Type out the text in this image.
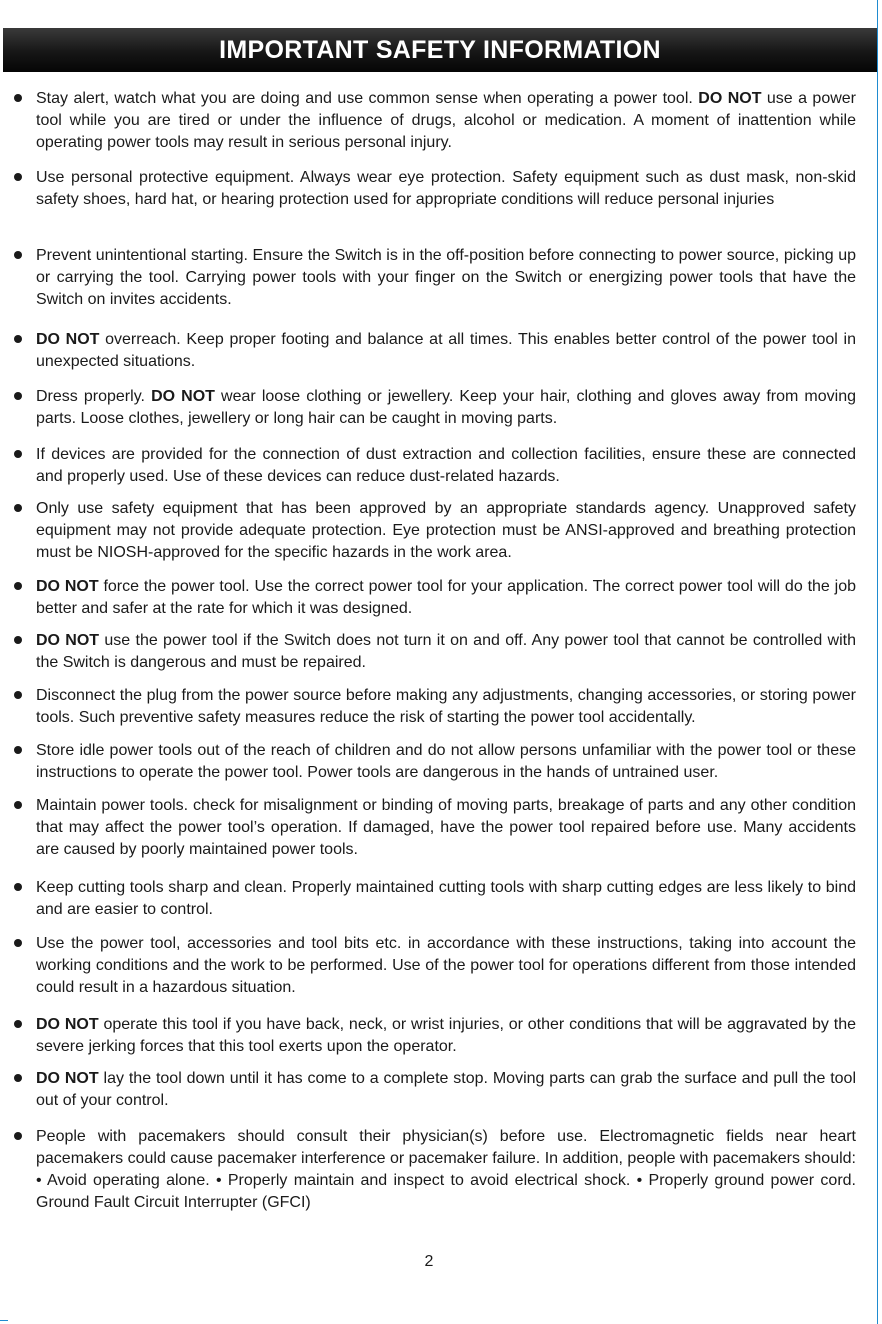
IMPORTANT SAFETY INFORMATION
Stay alert, watch what you are doing and use common sense when operating a power tool. DO NOT use a power tool while you are tired or under the influence of drugs, alcohol or medication. A moment of inattention while operating power tools may result in serious personal injury.
Use personal protective equipment. Always wear eye protection. Safety equipment such as dust mask, non-skid safety shoes, hard hat, or hearing protection used for appropriate conditions will reduce personal injuries
Prevent unintentional starting. Ensure the Switch is in the off-position before connecting to power source, picking up or carrying the tool. Carrying power tools with your finger on the Switch or energizing power tools that have the Switch on invites accidents.
DO NOT overreach. Keep proper footing and balance at all times. This enables better control of the power tool in unexpected situations.
Dress properly. DO NOT wear loose clothing or jewellery. Keep your hair, clothing and gloves away from moving parts. Loose clothes, jewellery or long hair can be caught in moving parts.
If devices are provided for the connection of dust extraction and collection facilities, ensure these are connected and properly used. Use of these devices can reduce dust-related hazards.
Only use safety equipment that has been approved by an appropriate standards agency. Unapproved safety equipment may not provide adequate protection. Eye protection must be ANSI-approved and breathing protection must be NIOSH-approved for the specific hazards in the work area.
DO NOT force the power tool. Use the correct power tool for your application. The correct power tool will do the job better and safer at the rate for which it was designed.
DO NOT use the power tool if the Switch does not turn it on and off. Any power tool that cannot be controlled with the Switch is dangerous and must be repaired.
Disconnect the plug from the power source before making any adjustments, changing accessories, or storing power tools. Such preventive safety measures reduce the risk of starting the power tool accidentally.
Store idle power tools out of the reach of children and do not allow persons unfamiliar with the power tool or these instructions to operate the power tool. Power tools are dangerous in the hands of untrained user.
Maintain power tools. check for misalignment or binding of moving parts, breakage of parts and any other condition that may affect the power tool’s operation. If damaged, have the power tool repaired before use. Many accidents are caused by poorly maintained power tools.
Keep cutting tools sharp and clean. Properly maintained cutting tools with sharp cutting edges are less likely to bind and are easier to control.
Use the power tool, accessories and tool bits etc. in accordance with these instructions, taking into account the working conditions and the work to be performed. Use of the power tool for operations different from those intended could result in a hazardous situation.
DO NOT operate this tool if you have back, neck, or wrist injuries, or other conditions that will be aggravated by the severe jerking forces that this tool exerts upon the operator.
DO NOT lay the tool down until it has come to a complete stop. Moving parts can grab the surface and pull the tool out of your control.
People with pacemakers should consult their physician(s) before use. Electromagnetic fields near heart pacemakers could cause pacemaker interference or pacemaker failure. In addition, people with pacemakers should: • Avoid operating alone. • Properly maintain and inspect to avoid electrical shock. • Properly ground power cord. Ground Fault Circuit Interrupter (GFCI)
2
